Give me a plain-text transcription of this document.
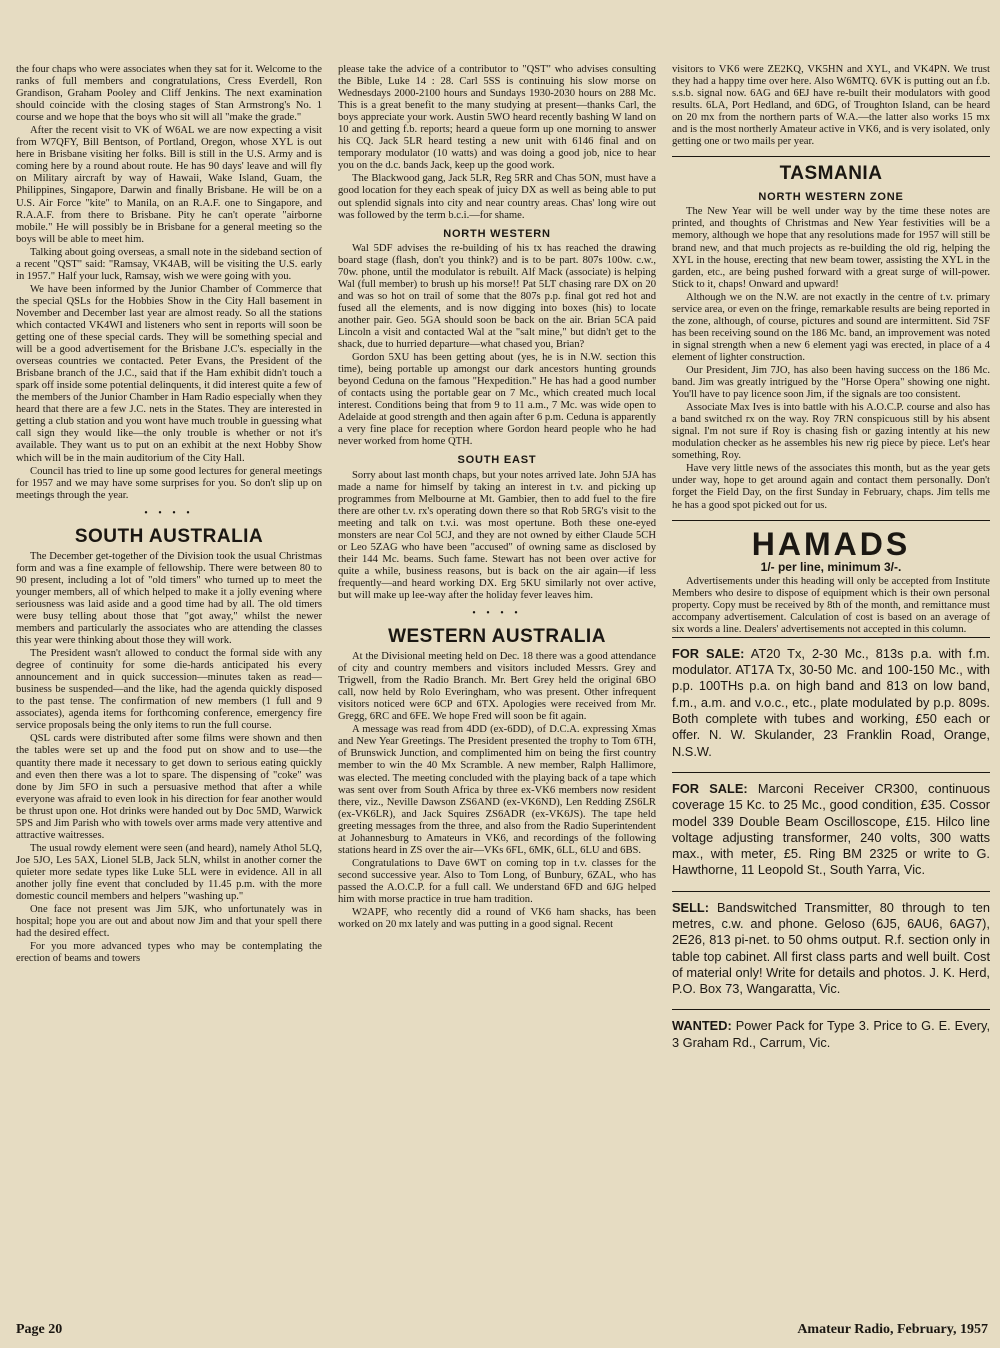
the four chaps who were associates when they sat for it. Welcome to the ranks of full members and congratulations, Cress Everdell, Ron Grandison, Graham Pooley and Cliff Jenkins. The next examination should coincide with the closing stages of Stan Armstrong's No. 1 course and we hope that the boys who sit will all "make the grade."

After the recent visit to VK of W6AL we are now expecting a visit from W7QFY, Bill Bentson, of Portland, Oregon, whose XYL is out here in Brisbane visiting her folks. Bill is still in the U.S. Army and is coming here by a round about route. He has 90 days' leave and will fly on Military aircraft by way of Hawaii, Wake Island, Guam, the Philippines, Singapore, Darwin and finally Brisbane. He will be on a U.S. Air Force "kite" to Manila, on an R.A.F. one to Singapore, and R.A.A.F. from there to Brisbane. Pity he can't operate "airborne mobile." He will possibly be in Brisbane for a general meeting so the boys will be able to meet him.

Talking about going overseas, a small note in the sideband section of a recent "QST" said: "Ramsay, VK4AB, will be visiting the U.S. early in 1957." Half your luck, Ramsay, wish we were going with you.

We have been informed by the Junior Chamber of Commerce that the special QSLs for the Hobbies Show in the City Hall basement in November and December last year are almost ready. So all the stations which contacted VK4WI and listeners who sent in reports will soon be getting one of these special cards. They will be something special and will be a good advertisement for the Brisbane J.C's. especially in the overseas countries we contacted. Peter Evans, the President of the Brisbane branch of the J.C., said that if the Ham exhibit didn't touch a spark off inside some potential delinquents, it did interest quite a few of the members of the Junior Chamber in Ham Radio especially when they heard that there are a few J.C. nets in the States. They are interested in getting a club station and you wont have much trouble in guessing what call sign they would like—the only trouble is whether or not it's available. They want us to put on an exhibit at the next Hobby Show which will be in the main auditorium of the City Hall.

Council has tried to line up some good lectures for general meetings for 1957 and we may have some surprises for you. So don't slip up on meetings through the year.

• • • •
SOUTH AUSTRALIA

The December get-together of the Division took the usual Christmas form and was a fine example of fellowship. There were between 80 to 90 present, including a lot of "old timers" who turned up to meet the younger members, all of which helped to make it a jolly evening where seriousness was laid aside and a good time had by all. The old timers were busy telling about those that "got away," whilst the newer members and particularly the associates who are attending the classes this year were thinking about those they will work.

The President wasn't allowed to conduct the formal side with any degree of continuity for some die-hards anticipated his every announcement and in quick succession—minutes taken as read—business be suspended—and the like, had the agenda quickly disposed to the past tense. The confirmation of new members (1 full and 9 associates), agenda items for forthcoming conference, emergency fire service proposals being the only items to run the full course.

QSL cards were distributed after some films were shown and then the tables were set up and the food put on show and to use—the quantity there made it necessary to get down to serious eating quickly and even then there was a lot to spare. The dispensing of "coke" was done by Jim 5FO in such a persuasive method that after a while everyone was afraid to even look in his direction for fear another would be thrust upon one. Hot drinks were handed out by Doc 5MD, Warwick 5PS and Jim Parish who with towels over arms made very attentive and attractive waitresses.

The usual rowdy element were seen (and heard), namely Athol 5LQ, Joe 5JO, Les 5AX, Lionel 5LB, Jack 5LN, whilst in another corner the quieter more sedate types like Luke 5LL were in evidence. All in all another jolly fine event that concluded by 11.45 p.m. with the more domestic council members and helpers "washing up."

One face not present was Jim 5JK, who unfortunately was in hospital; hope you are out and about now Jim and that your spell there had the desired effect.

For you more advanced types who may be contemplating the erection of beams and towers

please take the advice of a contributor to "QST" who advises consulting the Bible, Luke 14 : 28. Carl 5SS is continuing his slow morse on Wednesdays 2000-2100 hours and Sundays 1930-2030 hours on 288 Mc. This is a great benefit to the many studying at present—thanks Carl, the boys appreciate your work. Austin 5WO heard recently bashing W land on 10 and getting f.b. reports; heard a queue form up one morning to answer his CQ. Jack 5LR heard testing a new unit with 6146 final and on temporary modulator (10 watts) and was doing a good job, nice to hear you on the d.c. bands Jack, keep up the good work.

The Blackwood gang, Jack 5LR, Reg 5RR and Chas 5ON, must have a good location for they each speak of juicy DX as well as being able to put out splendid signals into city and near country areas. Chas' long wire out was followed by the term b.c.i.—for shame.

NORTH WESTERN

Wal 5DF advises the re-building of his tx has reached the drawing board stage (flash, don't you think?) and is to be part. 807s 100w. c.w., 70w. phone, until the modulator is rebuilt. Alf Mack (associate) is helping Wal (full member) to brush up his morse!! Pat 5LT chasing rare DX on 20 and was so hot on trail of some that the 807s p.p. final got red hot and fused all the elements, and is now digging into boxes (his) to locate another pair. Geo. 5GA should soon be back on the air. Brian 5CA paid Lincoln a visit and contacted Wal at the "salt mine," but didn't get to the shack, due to hurried departure—what chased you, Brian?

Gordon 5XU has been getting about (yes, he is in N.W. section this time), being portable up amongst our dark ancestors hunting grounds beyond Ceduna on the famous "Hexpedition." He has had a good number of contacts using the portable gear on 7 Mc., which created much local interest. Conditions being that from 9 to 11 a.m., 7 Mc. was wide open to Adelaide at good strength and then again after 6 p.m. Ceduna is apparently a very fine place for reception where Gordon heard people who he had never worked from home QTH.

SOUTH EAST

Sorry about last month chaps, but your notes arrived late. John 5JA has made a name for himself by taking an interest in t.v. and picking up programmes from Melbourne at Mt. Gambier, then to add fuel to the fire there are other t.v. rx's operating down there so that Rob 5RG's visit to the meeting and talk on t.v.i. was most opertune. Both these one-eyed monsters are near Col 5CJ, and they are not owned by either Claude 5CH or Leo 5ZAG who have been "accused" of owning same as disclosed by their 144 Mc. beams. Such fame. Stewart has not been over active for quite a while, business reasons, but is back on the air again—if less frequently—and heard working DX. Erg 5KU similarly not over active, but will make up lee-way after the holiday fever leaves him.

• • • •
WESTERN AUSTRALIA

At the Divisional meeting held on Dec. 18 there was a good attendance of city and country members and visitors included Messrs. Grey and Trigwell, from the Radio Branch. Mr. Bert Grey held the original 6BO call, now held by Rolo Everingham, who was present. Other infrequent visitors noticed were 6CP and 6TX. Apologies were received from Mr. Gregg, 6RC and 6FE. We hope Fred will soon be fit again.

A message was read from 4DD (ex-6DD), of D.C.A. expressing Xmas and New Year Greetings. The President presented the trophy to Tom 6TH, of Brunswick Junction, and complimented him on being the first country member to win the 40 Mx Scramble. A new member, Ralph Hallimore, was elected. The meeting concluded with the playing back of a tape which was sent over from South Africa by three ex-VK6 members now resident there, viz., Neville Dawson ZS6AND (ex-VK6ND), Len Redding ZS6LR (ex-VK6LR), and Jack Squires ZS6ADR (ex-VK6JS). The tape held greeting messages from the three, and also from the Radio Superintendent at Johannesburg to Amateurs in VK6, and recordings of the following stations heard in ZS over the air—VKs 6FL, 6MK, 6LL, 6LU and 6BS.

Congratulations to Dave 6WT on coming top in t.v. classes for the second successive year. Also to Tom Long, of Bunbury, 6ZAL, who has passed the A.O.C.P. for a full call. We understand 6FD and 6JG helped him with morse practice in true ham tradition.

W2APF, who recently did a round of VK6 ham shacks, has been worked on 20 mx lately and was putting in a good signal. Recent

visitors to VK6 were ZE2KQ, VK5HN and XYL, and VK4PN. We trust they had a happy time over here. Also W6MTQ. 6VK is putting out an f.b. s.s.b. signal now. 6AG and 6EJ have re-built their modulators with good results. 6LA, Port Hedland, and 6DG, of Troughton Island, can be heard on 20 mx from the northern parts of W.A.—the latter also works 15 mx and is the most northerly Amateur active in VK6, and is very isolated, only getting one or two mails per year.

TASMANIA
NORTH WESTERN ZONE

The New Year will be well under way by the time these notes are printed, and thoughts of Christmas and New Year festivities will be a memory, although we hope that any resolutions made for 1957 will still be brand new, and that much projects as re-building the old rig, helping the XYL in the house, erecting that new beam tower, assisting the XYL in the garden, etc., are being pushed forward with a great surge of will-power. Stick to it, chaps! Onward and upward!

Although we on the N.W. are not exactly in the centre of t.v. primary service area, or even on the fringe, remarkable results are being reported in the zone, although, of course, pictures and sound are intermittent. Sid 7SF has been receiving sound on the 186 Mc. band, an improvement was noted in signal strength when a new 6 element yagi was erected, in place of a 4 element of lighter construction.

Our President, Jim 7JO, has also been having success on the 186 Mc. band. Jim was greatly intrigued by the "Horse Opera" showing one night. You'll have to pay licence soon Jim, if the signals are too consistent.

Associate Max Ives is into battle with his A.O.C.P. course and also has a band switched rx on the way. Roy 7RN conspicuous still by his absent signal. I'm not sure if Roy is chasing fish or gazing intently at his new modulation checker as he assembles his new rig piece by piece. Let's hear something, Roy.

Have very little news of the associates this month, but as the year gets under way, hope to get around again and contact them personally. Don't forget the Field Day, on the first Sunday in February, chaps. Jim tells me he has a good spot picked out for us.

HAMADS
1/- per line, minimum 3/-.

Advertisements under this heading will only be accepted from Institute Members who desire to dispose of equipment which is their own personal property. Copy must be received by 8th of the month, and remittance must accompany advertisement. Calculation of cost is based on an average of six words a line. Dealers' advertisements not accepted in this column.

FOR SALE: AT20 Tx, 2-30 Mc., 813s p.a. with f.m. modulator. AT17A Tx, 30-50 Mc. and 100-150 Mc., with p.p. 100THs p.a. on high band and 813 on low band, f.m., a.m. and v.o.c., etc., plate modulated by p.p. 809s. Both complete with tubes and working, £50 each or offer. N. W. Skulander, 23 Franklin Road, Orange, N.S.W.
FOR SALE: Marconi Receiver CR300, continuous coverage 15 Kc. to 25 Mc., good condition, £35. Cossor model 339 Double Beam Oscilloscope, £15. Hilco line voltage adjusting transformer, 240 volts, 300 watts max., with meter, £5. Ring BM 2325 or write to G. Hawthorne, 11 Leopold St., South Yarra, Vic.
SELL: Bandswitched Transmitter, 80 through to ten metres, c.w. and phone. Geloso (6J5, 6AU6, 6AG7), 2E26, 813 pi-net. to 50 ohms output. R.f. section only in table top cabinet. All first class parts and well built. Cost of material only! Write for details and photos. J. K. Herd, P.O. Box 73, Wangaratta, Vic.
WANTED: Power Pack for Type 3. Price to G. E. Every, 3 Graham Rd., Carrum, Vic.
Page 20	Amateur Radio, February, 1957
